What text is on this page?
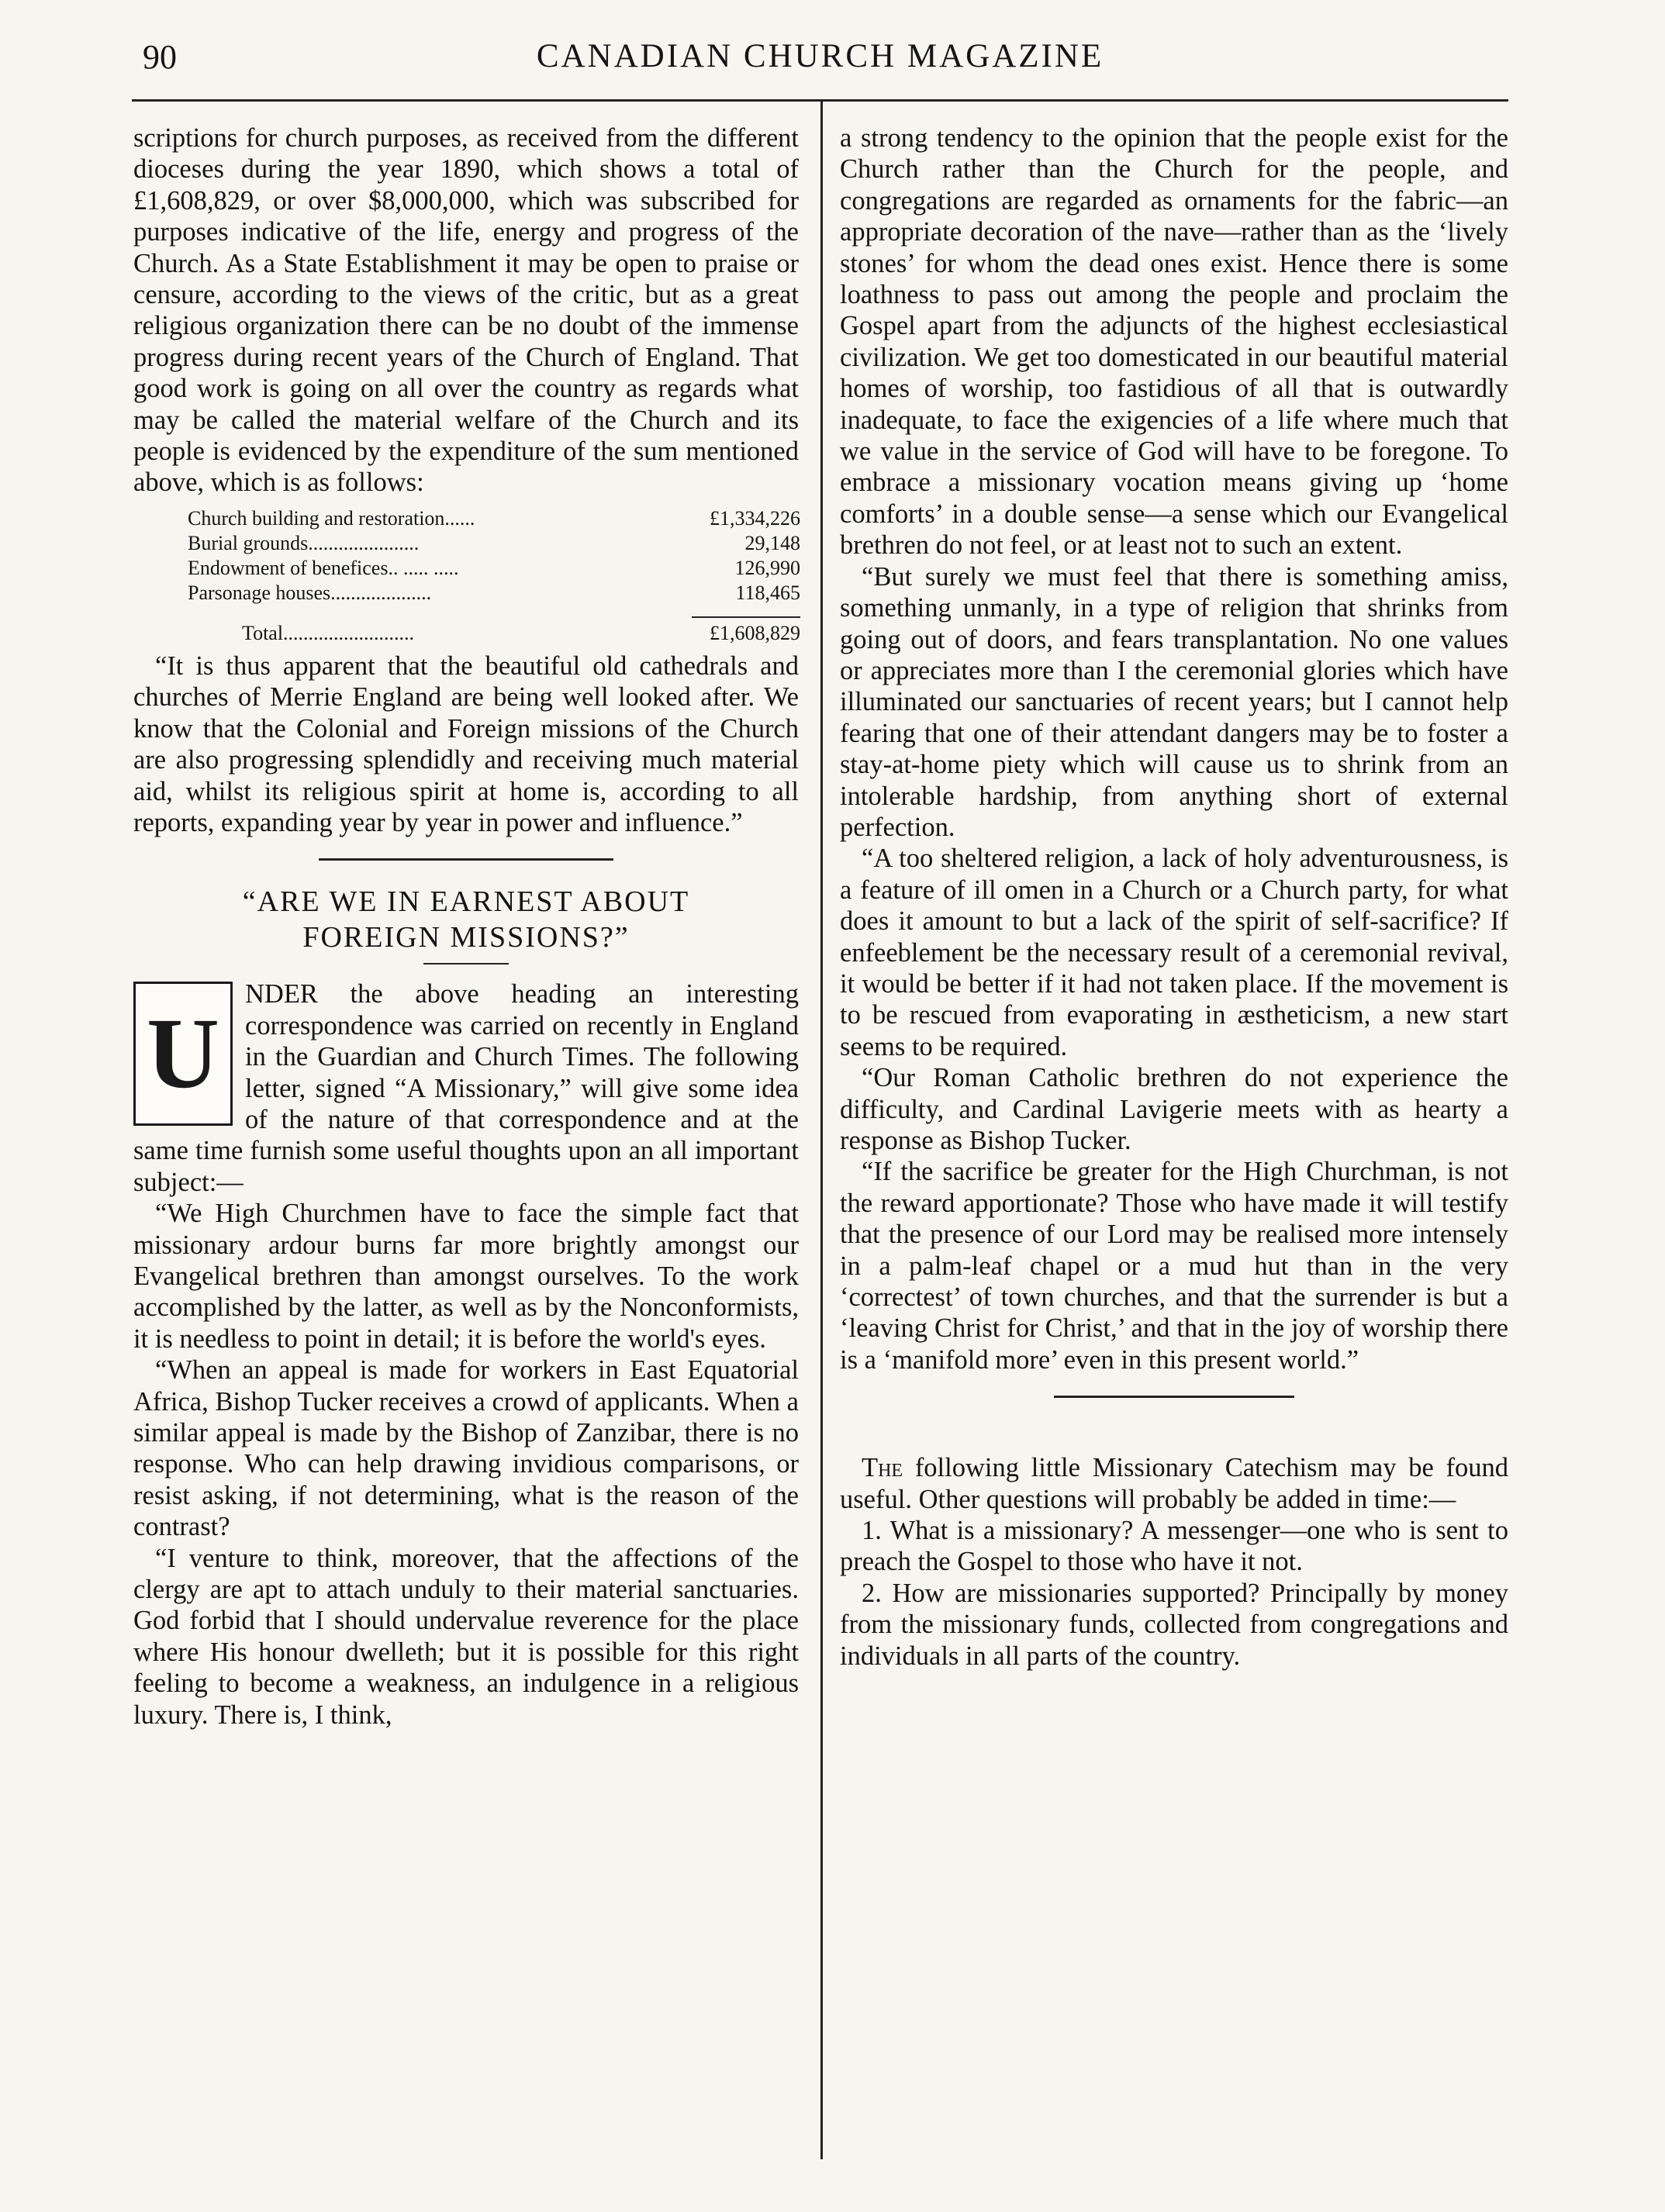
90	CANADIAN CHURCH MAGAZINE

scriptions for church purposes, as received from the different dioceses during the year 1890, which shows a total of £1,608,829, or over $8,000,000, which was subscribed for purposes indicative of the life, energy and progress of the Church. As a State Establishment it may be open to praise or censure, according to the views of the critic, but as a great religious organization there can be no doubt of the immense progress during recent years of the Church of England. That good work is going on all over the country as regards what may be called the material welfare of the Church and its people is evidenced by the expenditure of the sum mentioned above, which is as follows:

Church building and restoration......	£1,334,226
Burial grounds......................	29,148
Endowment of benefices.. ..... .....	126,990
Parsonage houses....................	118,465
Total..........................	£1,608,829

“It is thus apparent that the beautiful old cathedrals and churches of Merrie England are being well looked after. We know that the Colonial and Foreign missions of the Church are also progressing splendidly and receiving much material aid, whilst its religious spirit at home is, according to all reports, expanding year by year in power and influence.”

“ARE WE IN EARNEST ABOUT
FOREIGN MISSIONS?”
U

NDER the above heading an interesting correspondence was carried on recently in England in the Guardian and Church Times. The following letter, signed “A Missionary,” will give some idea of the nature of that correspondence and at the same time furnish some useful thoughts upon an all important subject:—

“We High Churchmen have to face the simple fact that missionary ardour burns far more brightly amongst our Evangelical brethren than amongst ourselves. To the work accomplished by the latter, as well as by the Nonconformists, it is needless to point in detail; it is before the world's eyes.

“When an appeal is made for workers in East Equatorial Africa, Bishop Tucker receives a crowd of applicants. When a similar appeal is made by the Bishop of Zanzibar, there is no response. Who can help drawing invidious comparisons, or resist asking, if not determining, what is the reason of the contrast?

“I venture to think, moreover, that the affections of the clergy are apt to attach unduly to their material sanctuaries. God forbid that I should undervalue reverence for the place where His honour dwelleth; but it is possible for this right feeling to become a weakness, an indulgence in a religious luxury. There is, I think,

a strong tendency to the opinion that the people exist for the Church rather than the Church for the people, and congregations are regarded as ornaments for the fabric—an appropriate decoration of the nave—rather than as the ‘lively stones’ for whom the dead ones exist. Hence there is some loathness to pass out among the people and proclaim the Gospel apart from the adjuncts of the highest ecclesiastical civilization. We get too domesticated in our beautiful material homes of worship, too fastidious of all that is outwardly inadequate, to face the exigencies of a life where much that we value in the service of God will have to be foregone. To embrace a missionary vocation means giving up ‘home comforts’ in a double sense—a sense which our Evangelical brethren do not feel, or at least not to such an extent.

“But surely we must feel that there is something amiss, something unmanly, in a type of religion that shrinks from going out of doors, and fears transplantation. No one values or appreciates more than I the ceremonial glories which have illuminated our sanctuaries of recent years; but I cannot help fearing that one of their attendant dangers may be to foster a stay-at-home piety which will cause us to shrink from an intolerable hardship, from anything short of external perfection.

“A too sheltered religion, a lack of holy adventurousness, is a feature of ill omen in a Church or a Church party, for what does it amount to but a lack of the spirit of self-sacrifice? If enfeeblement be the necessary result of a ceremonial revival, it would be better if it had not taken place. If the movement is to be rescued from evaporating in æstheticism, a new start seems to be required.

“Our Roman Catholic brethren do not experience the difficulty, and Cardinal Lavigerie meets with as hearty a response as Bishop Tucker.

“If the sacrifice be greater for the High Churchman, is not the reward apportionate? Those who have made it will testify that the presence of our Lord may be realised more intensely in a palm-leaf chapel or a mud hut than in the very ‘correctest’ of town churches, and that the surrender is but a ‘leaving Christ for Christ,’ and that in the joy of worship there is a ‘manifold more’ even in this present world.”

The following little Missionary Catechism may be found useful. Other questions will probably be added in time:—

1. What is a missionary? A messenger—one who is sent to preach the Gospel to those who have it not.

2. How are missionaries supported? Principally by money from the missionary funds, collected from congregations and individuals in all parts of the country.
